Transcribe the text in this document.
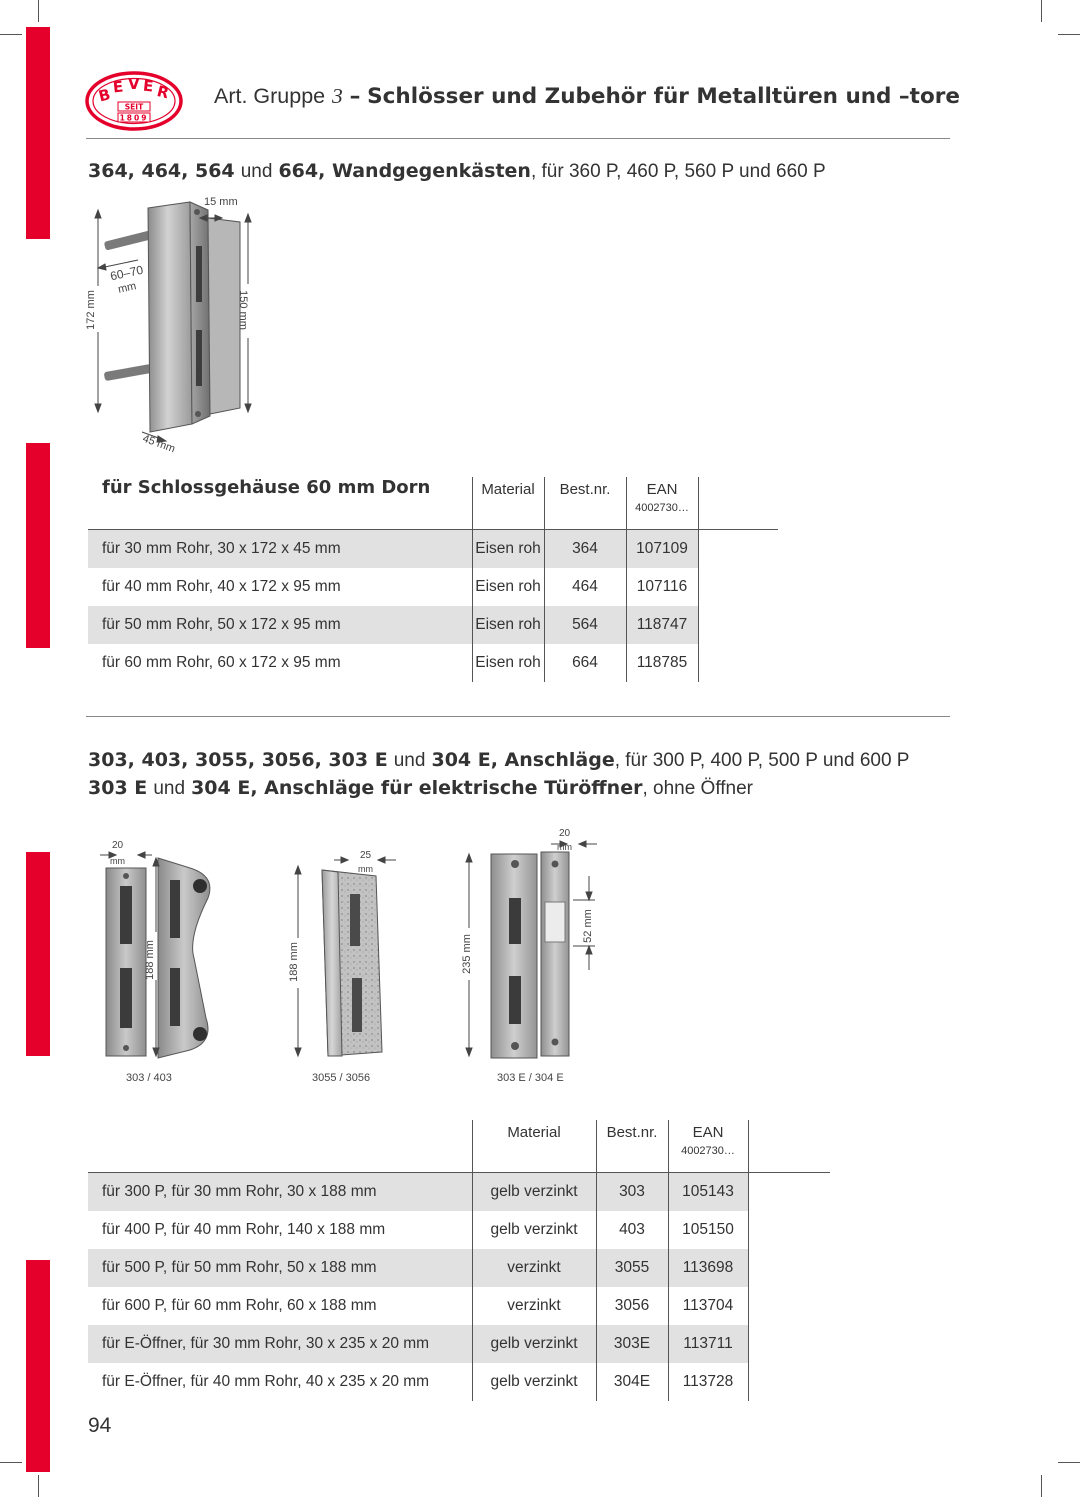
B E V E R
SEIT
1809
Art. Gruppe 3 – Schlösser und Zubehör für Metalltüren und –tore
364, 464, 564 und 664, Wandgegenkästen, für 360 P, 460 P, 560 P und 660 P
15 mm
60–70
mm
172 mm	150 mm
45 mm
für Schlossgehäuse 60 mm Dorn	Material	Best.nr.	EAN
4002730…	

für 30 mm Rohr, 30 x 172 x 45 mm	Eisen roh	364	107109	
für 40 mm Rohr, 40 x 172 x 95 mm	Eisen roh	464	107116	
für 50 mm Rohr, 50 x 172 x 95 mm	Eisen roh	564	118747	
für 60 mm Rohr, 60 x 172 x 95 mm	Eisen roh	664	118785	
303, 403, 3055, 3056, 303 E und 304 E, Anschläge, für 300 P, 400 P, 500 P und 600 P
303 E und 304 E, Anschläge für elektrische Türöffner, ohne Öffner
20
mm
188 mm
303 / 403
25
mm
188 mm
3055 / 3056
20
mm
235 mm
52 mm
303 E / 304 E
	Material	Best.nr.	EAN
4002730…	

für 300 P, für 30 mm Rohr, 30 x 188 mm	gelb verzinkt	303	105143	
für 400 P, für 40 mm Rohr, 140 x 188 mm	gelb verzinkt	403	105150	
für 500 P, für 50 mm Rohr, 50 x 188 mm	verzinkt	3055	113698	
für 600 P, für 60 mm Rohr, 60 x 188 mm	verzinkt	3056	113704	
für E-Öffner, für 30 mm Rohr, 30 x 235 x 20 mm	gelb verzinkt	303E	113711	
für E-Öffner, für 40 mm Rohr, 40 x 235 x 20 mm	gelb verzinkt	304E	113728	
94
